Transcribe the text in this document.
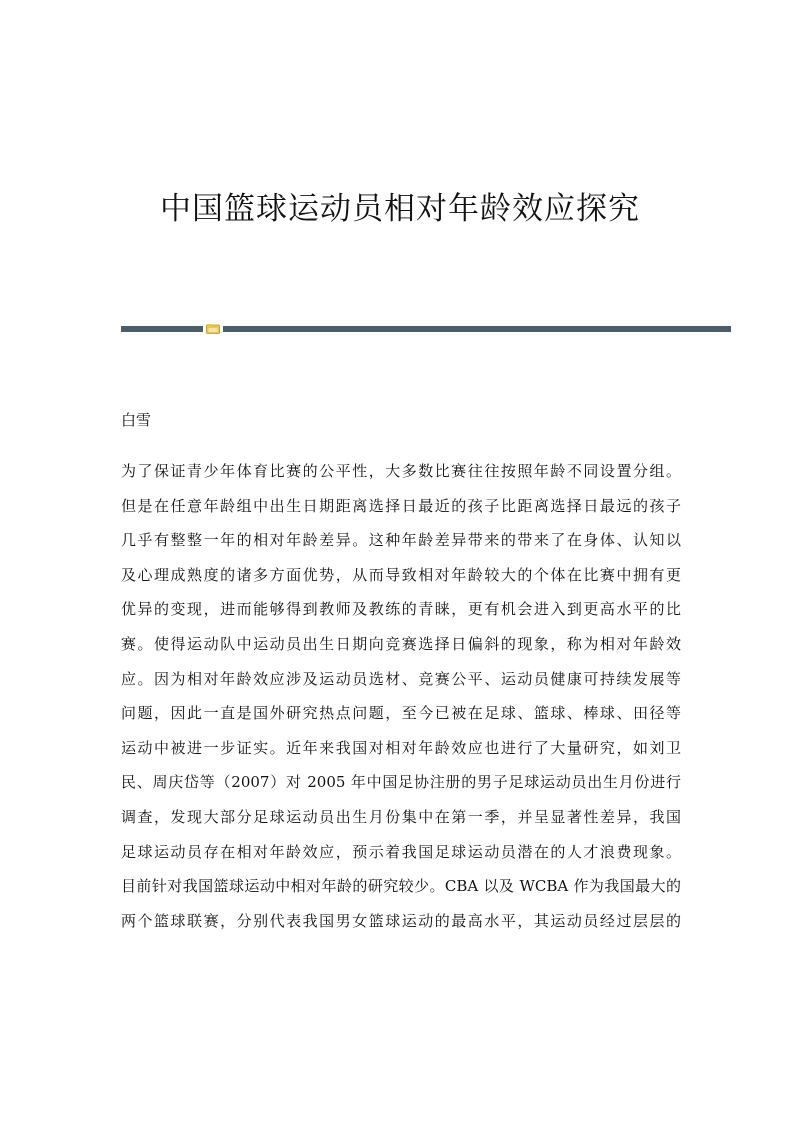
中国篮球运动员相对年龄效应探究
白雪
为了保证青少年体育比赛的公平性，大多数比赛往往按照年龄不同设置分组。
但是在任意年龄组中出生日期距离选择日最近的孩子比距离选择日最远的孩子
几乎有整整一年的相对年龄差异。这种年龄差异带来的带来了在身体、认知以
及心理成熟度的诸多方面优势，从而导致相对年龄较大的个体在比赛中拥有更
优异的变现，进而能够得到教师及教练的青睐，更有机会进入到更高水平的比
赛。使得运动队中运动员出生日期向竞赛选择日偏斜的现象，称为相对年龄效
应。因为相对年龄效应涉及运动员选材、竞赛公平、运动员健康可持续发展等
问题，因此一直是国外研究热点问题，至今已被在足球、篮球、棒球、田径等
运动中被进一步证实。近年来我国对相对年龄效应也进行了大量研究，如刘卫
民、周庆岱等（2007）对 2005 年中国足协注册的男子足球运动员出生月份进行
调查，发现大部分足球运动员出生月份集中在第一季，并呈显著性差异，我国
足球运动员存在相对年龄效应，预示着我国足球运动员潜在的人才浪费现象。
目前针对我国篮球运动中相对年龄的研究较少。CBA 以及 WCBA 作为我国最大的
两个篮球联赛，分别代表我国男女篮球运动的最高水平，其运动员经过层层的
